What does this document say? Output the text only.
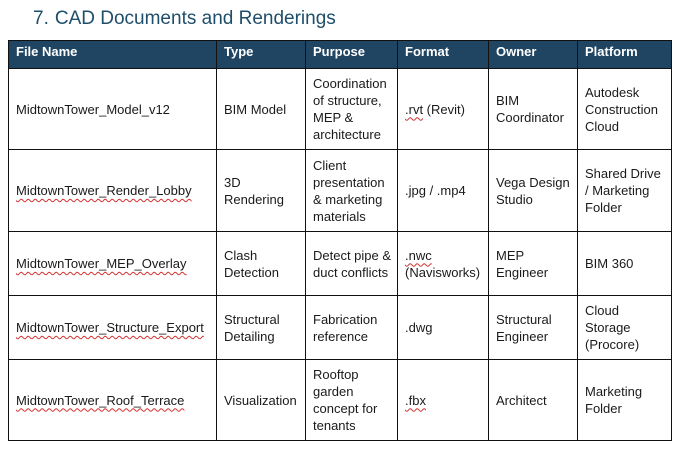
7. CAD Documents and Renderings
File Name	Type	Purpose	Format	Owner	Platform
MidtownTower_Model_v12	BIM Model	Coordination of structure, MEP & architecture	.rvt (Revit)	BIM Coordinator	Autodesk Construction Cloud
MidtownTower_Render_Lobby	3D Rendering	Client presentation & marketing materials	.jpg / .mp4	Vega Design Studio	Shared Drive / Marketing Folder
MidtownTower_MEP_Overlay	Clash Detection	Detect pipe & duct conflicts	.nwc (Navisworks)	MEP Engineer	BIM 360
MidtownTower_Structure_Export	Structural Detailing	Fabrication reference	.dwg	Structural Engineer	Cloud Storage (Procore)
MidtownTower_Roof_Terrace	Visualization	Rooftop garden concept for tenants	.fbx	Architect	Marketing Folder
